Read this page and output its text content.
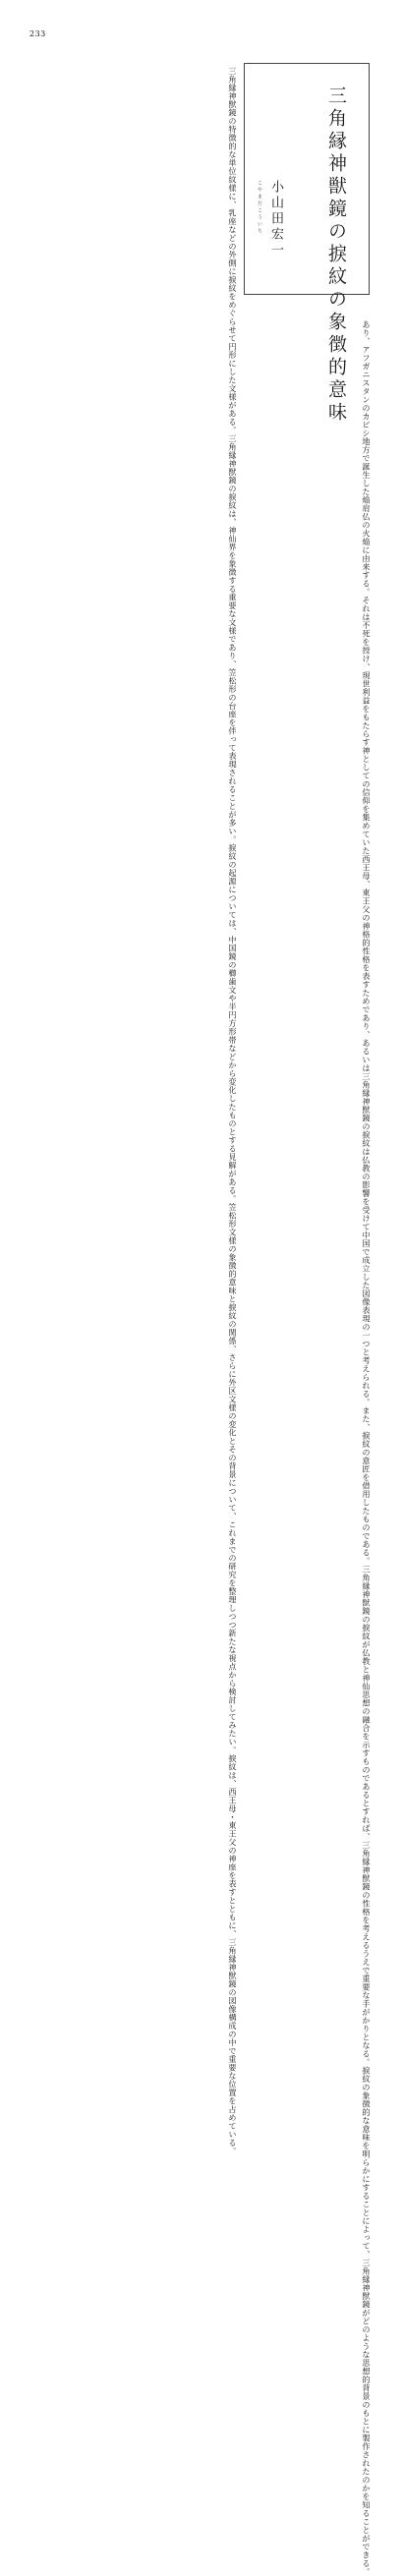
233
三角縁神獣鏡の特徴的な単位紋様に、乳座などの外側に捩紋をめぐらせて円形にした文様がある。三角縁神獣鏡の捩紋は、神仙界を象徴する重要な文様であり、笠松形の台座を伴って表現されることが多い。捩紋の起源については、中国鏡の櫛歯文や半円方形帯などから変化したものとする見解がある。笠松形文様の象徴的意味と捩紋の関係、さらに外区文様の変化とその背景について、これまでの研究を整理しつつ新たな視点から検討してみたい。捩紋は、西王母・東王父の神座を表すとともに、三角縁神獣鏡の図像構成の中で重要な位置を占めている。	三角縁神獣鏡の捩紋の象徴的意味
こやまだこういち 小山田宏一
あり、アフガニスタンのカピシ地方で誕生した焔肩仏の火焔に由来する。それは不死を授け、現世利益をもたらす神としての信仰を集めていた西王母、東王父の神格的性格を表すためであり、あるいは三角縁神獣鏡の捩紋は仏教の影響を受けて中国で成立した図像表現の一つと考えられる。また、捩紋の意匠を借用したものである。三角縁神獣鏡の捩紋が仏教と神仙思想の融合を示すものであるとすれば、三角縁神獣鏡の性格を考えるうえで重要な手がかりとなる。捩紋の象徴的な意味を明らかにすることによって、三角縁神獣鏡がどのような思想的背景のもとに製作されたのかを知ることができる。
